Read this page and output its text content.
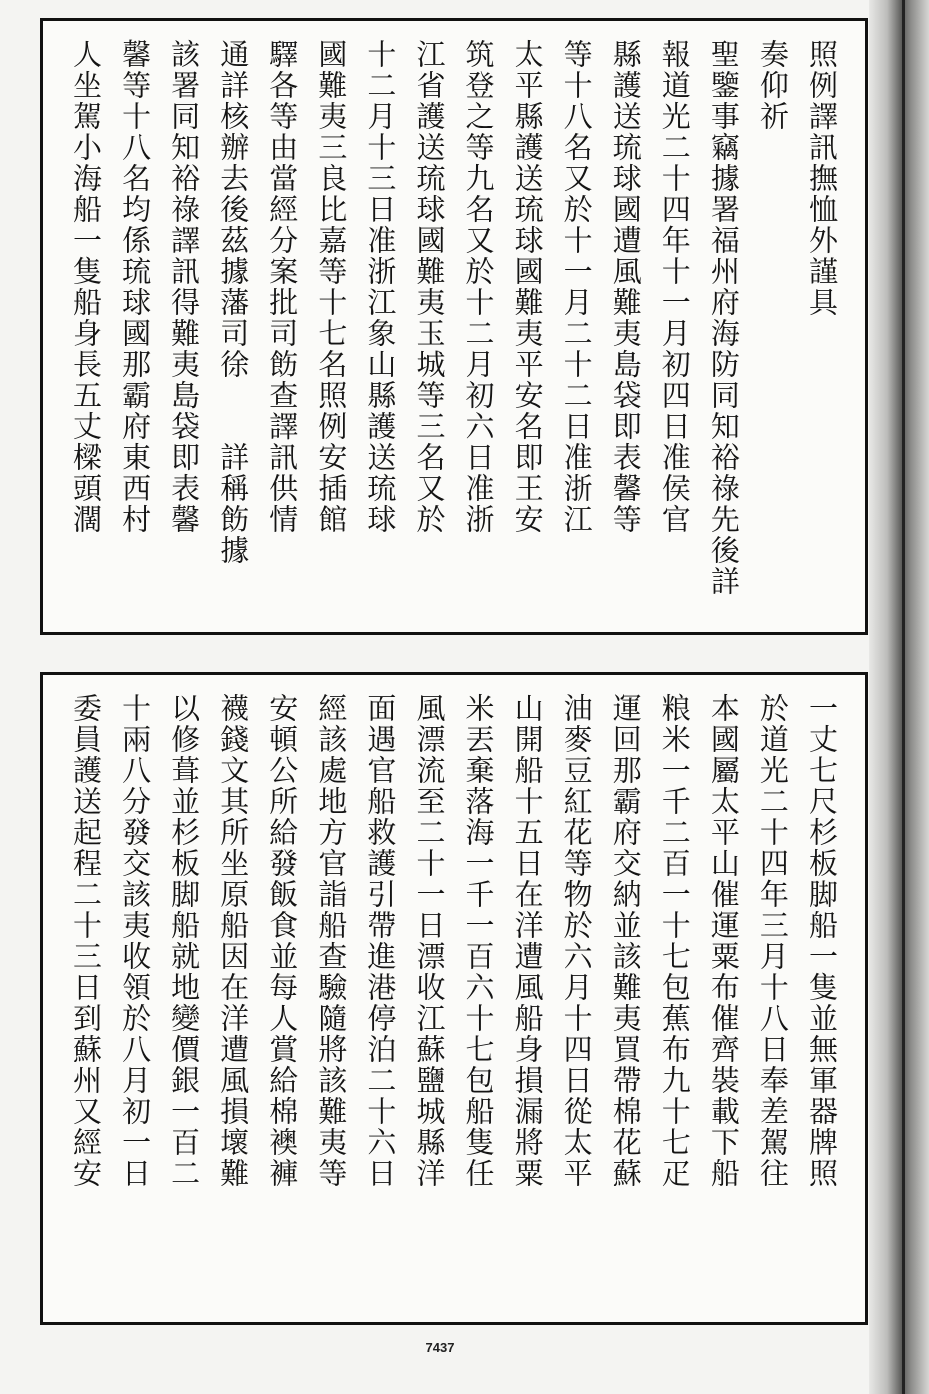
照例譯訊撫恤外謹具
奏仰祈
聖鑒事竊據署福州府海防同知裕祿先後詳
報道光二十四年十一月初四日准侯官
縣護送琉球國遭風難夷島袋即表馨等
等十八名又於十一月二十二日准浙江
太平縣護送琉球國難夷平安名即王安
筑登之等九名又於十二月初六日准浙
江省護送琉球國難夷玉城等三名又於
十二月十三日准浙江象山縣護送琉球
國難夷三良比嘉等十七名照例安插館
驛各等由當經分案批司飭查譯訊供情
通詳核辦去後茲據藩司徐　　詳稱飭據
該署同知裕祿譯訊得難夷島袋即表馨
馨等十八名均係琉球國那霸府東西村
人坐駕小海船一隻船身長五丈樑頭濶
一丈七尺杉板脚船一隻並無軍器牌照
於道光二十四年三月十八日奉差駕往
本國屬太平山催運粟布催齊裝載下船
粮米一千二百一十七包蕉布九十七疋
運回那霸府交納並該難夷買帶棉花蘇
油麥豆紅花等物於六月十四日從太平
山開船十五日在洋遭風船身損漏將粟
米丟棄落海一千一百六十七包船隻任
風漂流至二十一日漂收江蘇鹽城縣洋
面遇官船救護引帶進港停泊二十六日
經該處地方官詣船查驗隨將該難夷等
安頓公所給發飯食並每人賞給棉襖褲
襪錢文其所坐原船因在洋遭風損壞難
以修葺並杉板脚船就地變價銀一百二
十兩八分發交該夷收領於八月初一日
委員護送起程二十三日到蘇州又經安
7437
